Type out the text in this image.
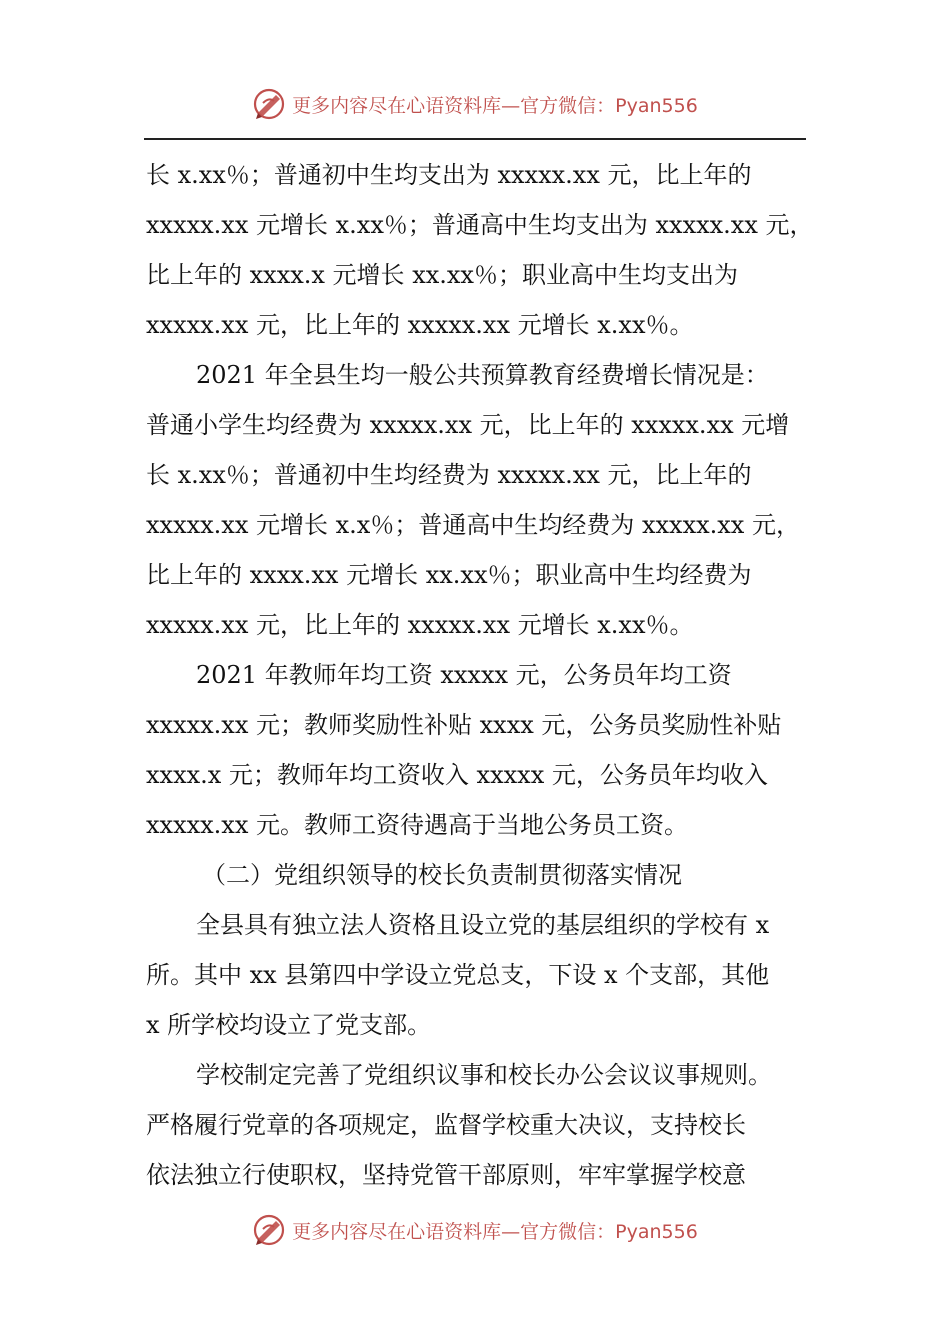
更多内容尽在心语资料库—官方微信：Pyan556
长 x.xx％；普通初中生均支出为 xxxxx.xx 元，比上年的
xxxxx.xx 元增长 x.xx％；普通高中生均支出为 xxxxx.xx 元，
比上年的 xxxx.x 元增长 xx.xx％；职业高中生均支出为
xxxxx.xx 元，比上年的 xxxxx.xx 元增长 x.xx％。
2021 年全县生均一般公共预算教育经费增长情况是：
普通小学生均经费为 xxxxx.xx 元，比上年的 xxxxx.xx 元增
长 x.xx％；普通初中生均经费为 xxxxx.xx 元，比上年的
xxxxx.xx 元增长 x.x％；普通高中生均经费为 xxxxx.xx 元，
比上年的 xxxx.xx 元增长 xx.xx％；职业高中生均经费为
xxxxx.xx 元，比上年的 xxxxx.xx 元增长 x.xx％。
2021 年教师年均工资 xxxxx 元，公务员年均工资
xxxxx.xx 元；教师奖励性补贴 xxxx 元，公务员奖励性补贴
xxxx.x 元；教师年均工资收入 xxxxx 元，公务员年均收入
xxxxx.xx 元。教师工资待遇高于当地公务员工资。
（二）党组织领导的校长负责制贯彻落实情况
全县具有独立法人资格且设立党的基层组织的学校有 x
所。其中 xx 县第四中学设立党总支，下设 x 个支部，其他
x 所学校均设立了党支部。
学校制定完善了党组织议事和校长办公会议议事规则。
严格履行党章的各项规定，监督学校重大决议，支持校长
依法独立行使职权，坚持党管干部原则，牢牢掌握学校意
更多内容尽在心语资料库—官方微信：Pyan556
